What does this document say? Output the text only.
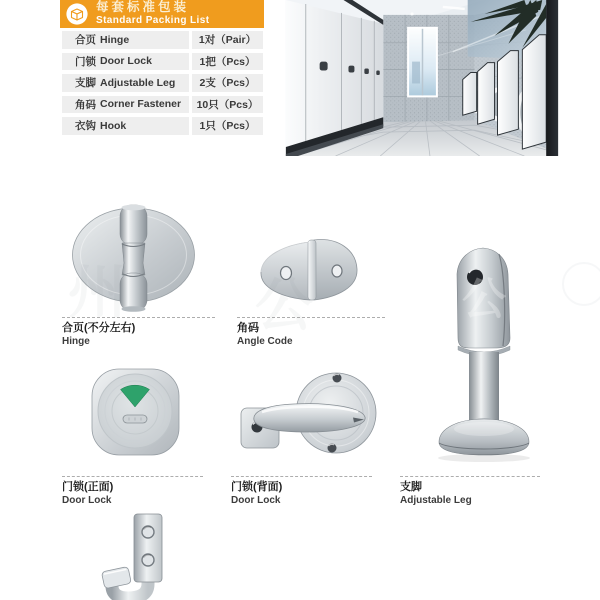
每套标准包装
Standard Packing List
合页 Hinge	1对（Pair）
门锁 Door Lock	1把（Pcs）
支脚 Adjustable Leg	2支（Pcs）
角码 Corner Fastener	10只（Pcs）
衣钩 Hook	1只（Pcs）
公
合页(不分左右)
Hinge
角码
Angle Code
门锁(正面)
Door Lock
门锁(背面)
Door Lock
支脚
Adjustable Leg
公
